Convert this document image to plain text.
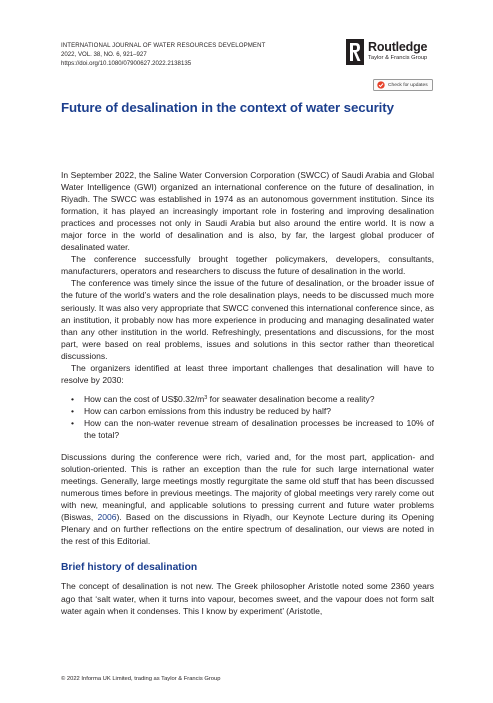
INTERNATIONAL JOURNAL OF WATER RESOURCES DEVELOPMENT
2022, VOL. 38, NO. 6, 921–927
https://doi.org/10.1080/07900627.2022.2138135
Routledge
Taylor & Francis Group
Check for updates
Future of desalination in the context of water security

In September 2022, the Saline Water Conversion Corporation (SWCC) of Saudi Arabia and Global Water Intelligence (GWI) organized an international conference on the future of desalination, in Riyadh. The SWCC was established in 1974 as an autonomous government institution. Since its formation, it has played an increasingly important role in fostering and improving desalination practices and processes not only in Saudi Arabia but also around the entire world. It is now a major force in the world of desalination and is also, by far, the largest global producer of desalinated water.

The conference successfully brought together policymakers, developers, consultants, manufacturers, operators and researchers to discuss the future of desalination in the world.

The conference was timely since the issue of the future of desalination, or the broader issue of the future of the world’s waters and the role desalination plays, needs to be discussed much more seriously. It was also very appropriate that SWCC convened this international conference since, as an institution, it probably now has more experience in producing and managing desalinated water than any other institution in the world. Refreshingly, presentations and discussions, for the most part, were based on real problems, issues and solutions in this sector rather than theoretical discussions.

The organizers identified at least three important challenges that desalination will have to resolve by 2030:

• How can the cost of $US\$0.32/m^3$ for seawater desalination become a reality?
• How can carbon emissions from this industry be reduced by half?
• How can the non-water revenue stream of desalination processes be increased to 10% of the total?

Discussions during the conference were rich, varied and, for the most part, application- and solution-oriented. This is rather an exception than the rule for such large international water meetings. Generally, large meetings mostly regurgitate the same old stuff that has been discussed numerous times before in previous meetings. The majority of global meetings very rarely come out with new, meaningful, and applicable solutions to pressing current and future water problems (Biswas, 2006). Based on the discussions in Riyadh, our Keynote Lecture during its Opening Plenary and on further reflections on the entire spectrum of desalination, our views are noted in the rest of this Editorial.

Brief history of desalination

The concept of desalination is not new. The Greek philosopher Aristotle noted some 2360 years ago that ‘salt water, when it turns into vapour, becomes sweet, and the vapour does not form salt water again when it condenses. This I know by experiment’ (Aristotle,

© 2022 Informa UK Limited, trading as Taylor & Francis Group
